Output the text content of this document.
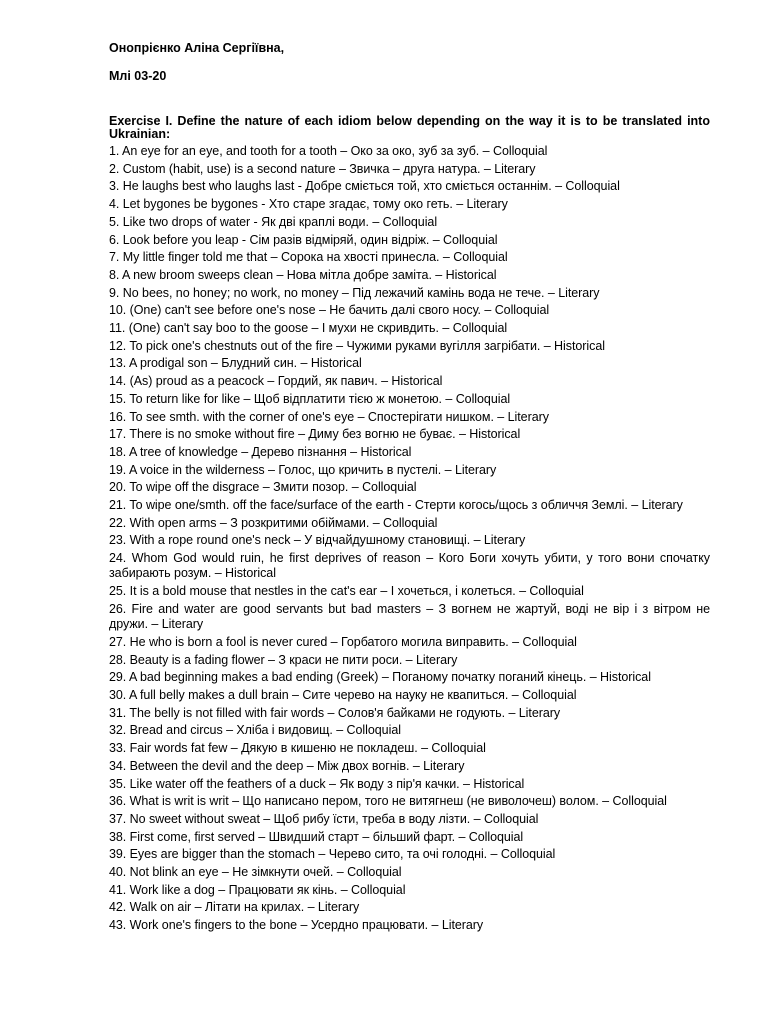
Онопрієнко Аліна Сергіївна,

Млі 03-20

Exercise I. Define the nature of each idiom below depending on the way it is to be translated into Ukrainian:

1. An eye for an eye, and tooth for a tooth – Око за око, зуб за зуб. – Colloquial
2. Custom (habit, use) is a second nature – Звичка – друга натура. – Literary
3. He laughs best who laughs last - Добре сміється той, хто сміється останнім. – Colloquial
4. Let bygones be bygones - Хто старе згадає, тому око геть. – Literary
5. Like two drops of water - Як дві краплі води. – Colloquial
6. Look before you leap - Сім разів відміряй, один відріж. – Colloquial
7. My little finger told me that – Сорока на хвості принесла. – Colloquial
8. A new broom sweeps clean – Нова мітла добре заміта. – Historical
9. No bees, no honey; no work, no money – Під лежачий камінь вода не тече. – Literary
10. (One) can't see before one's nose – Не бачить далі свого носу. – Colloquial
11. (One) can't say boo to the goose – І мухи не скривдить. – Colloquial
12. To pick one's chestnuts out of the fire – Чужими руками вугілля загрібати. – Historical
13. A prodigal son – Блудний син. – Historical
14. (As) proud as a peacock – Гордий, як павич. – Historical
15. To return like for like – Щоб відплатити тією ж монетою. – Colloquial
16. To see smth. with the corner of one's eye – Спостерігати нишком. – Literary
17. There is no smoke without fire – Диму без вогню не буває. – Historical
18. A tree of knowledge – Дерево пізнання – Historical
19. A voice in the wilderness – Голос, що кричить в пустелі. – Literary
20. To wipe off the disgrace – Змити позор. – Colloquial
21. To wipe one/smth. off the face/surface of the earth - Стерти когось/щось з обличчя Землі. – Literary
22. With open arms – З розкритими обіймами. – Colloquial
23. With a rope round one's neck – У відчайдушному становищі. – Literary
24. Whom God would ruin, he first deprives of reason – Кого Боги хочуть убити, у того вони спочатку забирають розум. – Historical
25. It is a bold mouse that nestles in the cat's ear – І хочеться, і колеться. – Colloquial
26. Fire and water are good servants but bad masters – З вогнем не жартуй, воді не вір і з вітром не дружи. – Literary
27. He who is born a fool is never cured – Горбатого могила виправить. – Colloquial
28. Beauty is a fading flower – З краси не пити роси. – Literary
29. A bad beginning makes a bad ending (Greek) – Поганому початку поганий кінець. – Historical
30. A full belly makes a dull brain – Сите черево на науку не квапиться. – Colloquial
31. The belly is not filled with fair words – Солов'я байками не годують. – Literary
32. Bread and circus – Хліба і видовищ. – Colloquial
33. Fair words fat few – Дякую в кишеню не покладеш. – Colloquial
34. Between the devil and the deep – Між двох вогнів. – Literary
35. Like water off the feathers of a duck – Як воду з пір'я качки. – Historical
36. What is writ is writ – Що написано пером, того не витягнеш (не виволочеш) волом. – Colloquial
37. No sweet without sweat – Щоб рибу їсти, треба в воду лізти. – Colloquial
38. First come, first served – Швидший старт – більший фарт. – Colloquial
39. Eyes are bigger than the stomach – Черево сито, та очі голодні. – Colloquial
40. Not blink an eye – Не зімкнути очей. – Colloquial
41. Work like a dog – Працювати як кінь. – Colloquial
42. Walk on air – Літати на крилах. – Literary
43. Work one's fingers to the bone – Усердно працювати. – Literary
